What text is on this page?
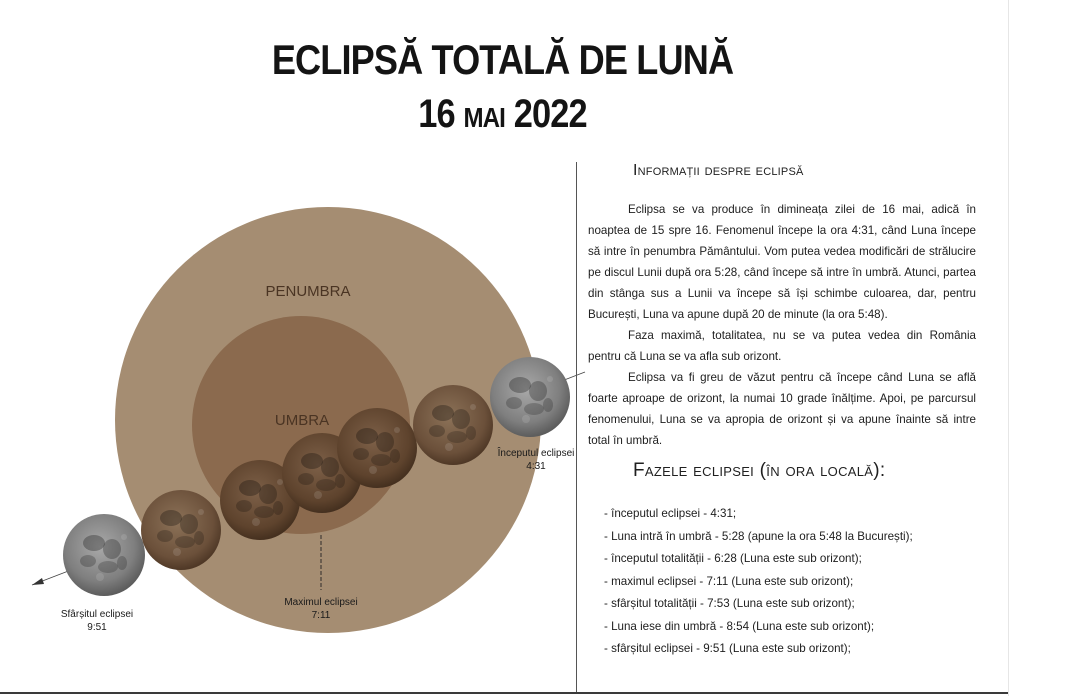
ECLIPSĂ TOTALĂ DE LUNĂ
16 MAI 2022
PENUMBRA
UMBRA
Începutul eclipsei
4:31
Maximul eclipsei
7:11
Sfârșitul eclipsei
9:51
Informații despre eclipsă

Eclipsa se va produce în dimineața zilei de 16 mai, adică în noaptea de 15 spre 16. Fenomenul începe la ora 4:31, când Luna începe să intre în penumbra Pământului. Vom putea vedea modificări de strălucire pe discul Lunii după ora 5:28, când începe să intre în umbră. Atunci, partea din stânga sus a Lunii va începe să își schimbe culoarea, dar, pentru București, Luna va apune după 20 de minute (la ora 5:48).

Faza maximă, totalitatea, nu se va putea vedea din România pentru că Luna se va afla sub orizont.

Eclipsa va fi greu de văzut pentru că începe când Luna se află foarte aproape de orizont, la numai 10 grade înălțime. Apoi, pe parcursul fenomenului, Luna se va apropia de orizont și va apune înainte să intre total în umbră.

Fazele eclipsei (în ora locală):
- începutul eclipsei - 4:31;
- Luna intră în umbră - 5:28 (apune la ora 5:48 la București);
- începutul totalității - 6:28 (Luna este sub orizont);
- maximul eclipsei - 7:11 (Luna este sub orizont);
- sfârșitul totalității - 7:53 (Luna este sub orizont);
- Luna iese din umbră - 8:54 (Luna este sub orizont);
- sfârșitul eclipsei - 9:51 (Luna este sub orizont);
